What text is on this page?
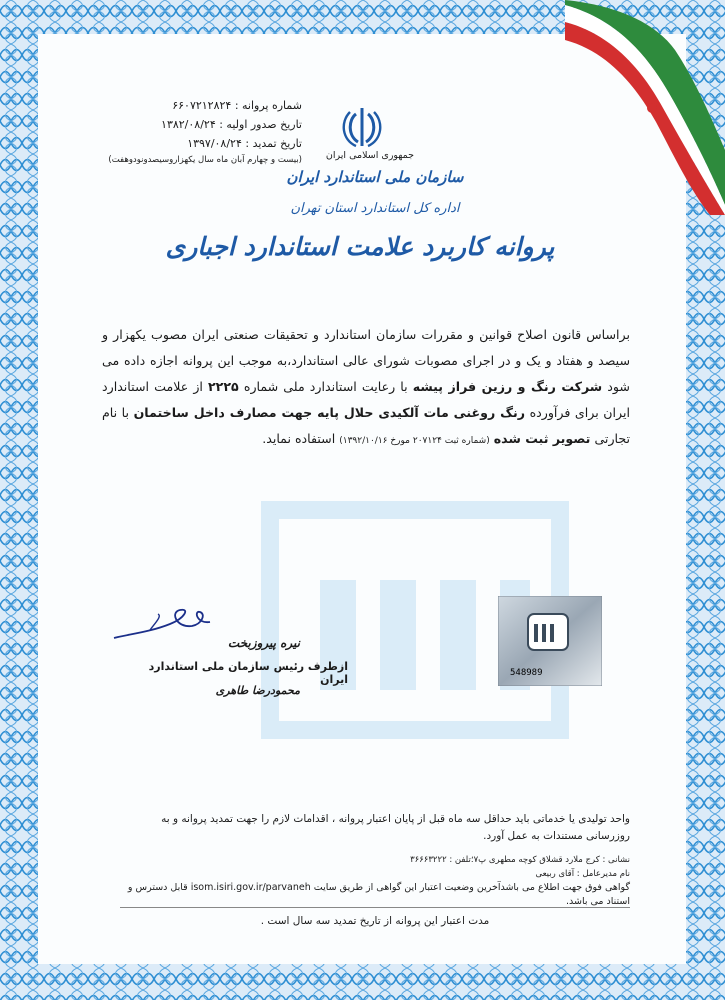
شماره پروانه : ۶۶۰۷۲۱۲۸۲۴
تاریخ صدور اولیه : ۱۳۸۲/۰۸/۲۴
تاریخ تمدید : ۱۳۹۷/۰۸/۲۴
(بیست و چهارم آبان ماه سال یکهزاروسیصدونودوهفت)	جمهوری اسلامی ایران
سازمان ملی استاندارد ایران
اداره کل استاندارد استان تهران
پروانه کاربرد علامت استاندارد اجباری
براساس قانون اصلاح قوانین و مقررات سازمان استاندارد و تحقیقات صنعتی ایران مصوب یکهزار و سیصد و هفتاد و یک و در اجرای مصوبات شورای عالی استاندارد،به موجب این پروانه اجازه داده می شود شرکت رنگ و رزین فراز پیشه با رعایت استاندارد ملی شماره ۲۲۲۵ از علامت استاندارد ایران برای فرآورده رنگ روغنی مات آلکیدی حلال پایه جهت مصارف داخل ساختمان با نام تجارتی تصویر ثبت شده (شماره ثبت ۲۰۷۱۲۴ مورخ ۱۳۹۲/۱۰/۱۶) استفاده نماید.
نیره پیروزبخت
ازطرف رئیس سازمان ملی استاندارد ایران
محمودرضا طاهری
548989
واحد تولیدی یا خدماتی باید حداقل سه ماه قبل از پایان اعتبار پروانه ، اقدامات لازم را جهت تمدید پروانه و به روزرسانی مستندات به عمل آورد.
نشانی : کرج ملارد قشلاق کوچه مطهری پ۷؛تلفن : ۳۶۶۶۳۲۲۲
نام مدیرعامل : آقای ربیعی
گواهی فوق جهت اطلاع می باشدآخرین وضعیت اعتبار این گواهی از طریق سایت isom.isiri.gov.ir/parvaneh قابل دسترس و استناد می باشد.
مدت اعتبار این پروانه از تاریخ تمدید سه سال است .
